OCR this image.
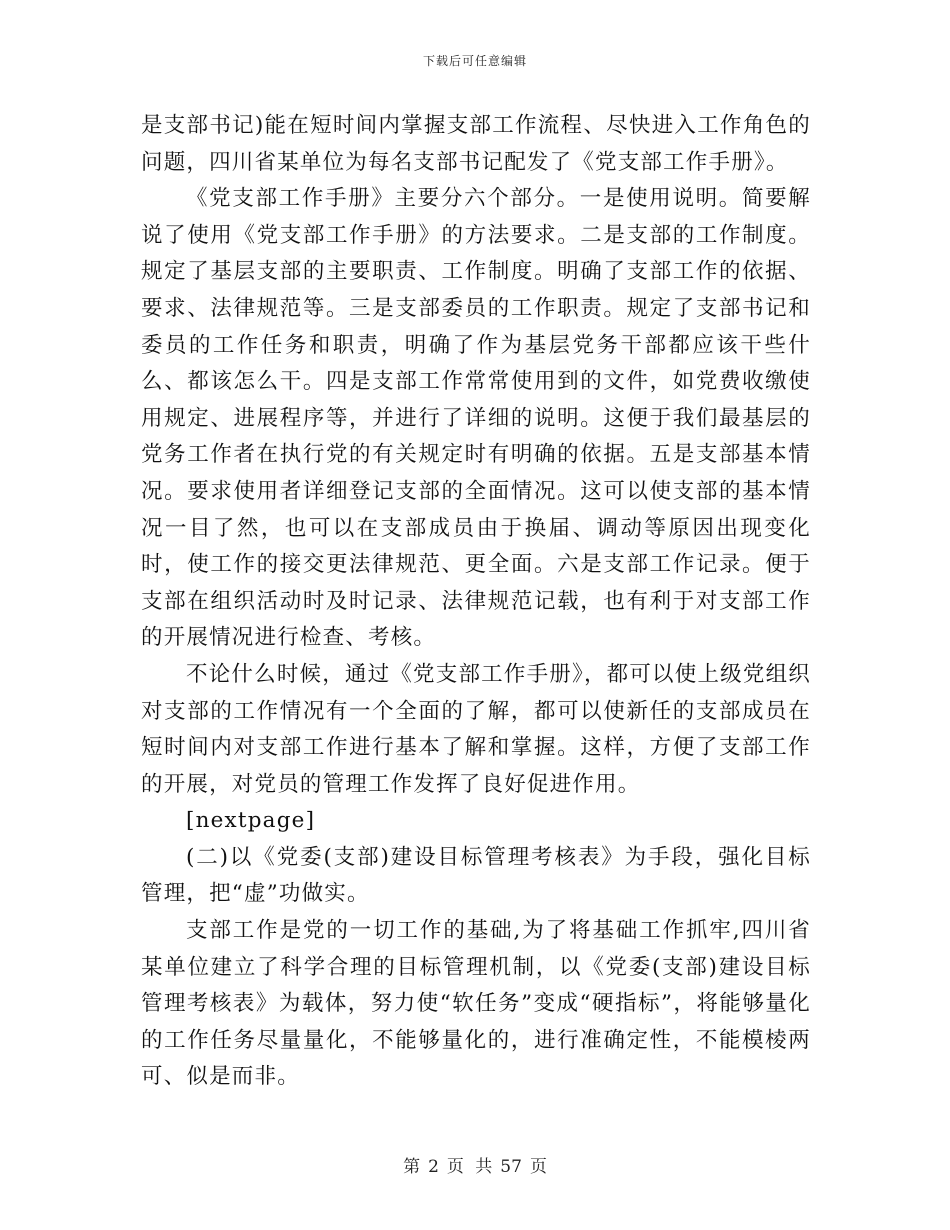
下载后可任意编辑

是支部书记)能在短时间内掌握支部工作流程、尽快进入工作角色的问题，四川省某单位为每名支部书记配发了《党支部工作手册》。

《党支部工作手册》主要分六个部分。一是使用说明。简要解说了使用《党支部工作手册》的方法要求。二是支部的工作制度。规定了基层支部的主要职责、工作制度。明确了支部工作的依据、要求、法律规范等。三是支部委员的工作职责。规定了支部书记和委员的工作任务和职责，明确了作为基层党务干部都应该干些什么、都该怎么干。四是支部工作常常使用到的文件，如党费收缴使用规定、进展程序等，并进行了详细的说明。这便于我们最基层的党务工作者在执行党的有关规定时有明确的依据。五是支部基本情况。要求使用者详细登记支部的全面情况。这可以使支部的基本情况一目了然，也可以在支部成员由于换届、调动等原因出现变化时，使工作的接交更法律规范、更全面。六是支部工作记录。便于支部在组织活动时及时记录、法律规范记载，也有利于对支部工作的开展情况进行检查、考核。

不论什么时候，通过《党支部工作手册》，都可以使上级党组织对支部的工作情况有一个全面的了解，都可以使新任的支部成员在短时间内对支部工作进行基本了解和掌握。这样，方便了支部工作的开展，对党员的管理工作发挥了良好促进作用。

[nextpage]

(二)以《党委(支部)建设目标管理考核表》为手段，强化目标管理，把“虚”功做实。

支部工作是党的一切工作的基础,为了将基础工作抓牢,四川省某单位建立了科学合理的目标管理机制，以《党委(支部)建设目标管理考核表》为载体，努力使“软任务”变成“硬指标”，将能够量化的工作任务尽量量化，不能够量化的，进行准确定性，不能模棱两可、似是而非。

第 2 页 共 57 页
